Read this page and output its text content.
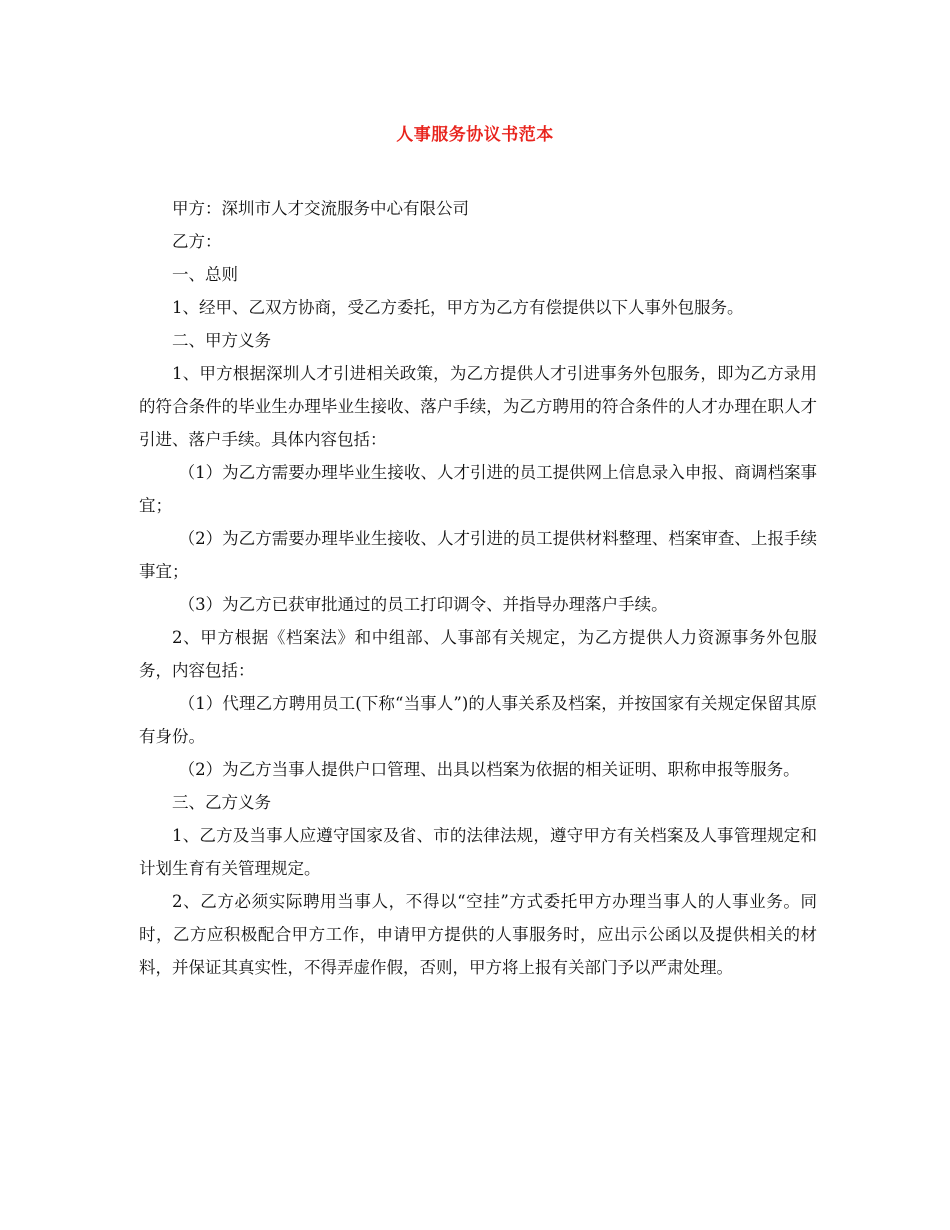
人事服务协议书范本

甲方：深圳市人才交流服务中心有限公司

乙方：

一、总则

1、经甲、乙双方协商，受乙方委托，甲方为乙方有偿提供以下人事外包服务。

二、甲方义务

1、甲方根据深圳人才引进相关政策，为乙方提供人才引进事务外包服务，即为乙方录用的符合条件的毕业生办理毕业生接收、落户手续，为乙方聘用的符合条件的人才办理在职人才引进、落户手续。具体内容包括：

（1）为乙方需要办理毕业生接收、人才引进的员工提供网上信息录入申报、商调档案事宜；

（2）为乙方需要办理毕业生接收、人才引进的员工提供材料整理、档案审查、上报手续事宜；

（3）为乙方已获审批通过的员工打印调令、并指导办理落户手续。

2、甲方根据《档案法》和中组部、人事部有关规定，为乙方提供人力资源事务外包服务，内容包括：

（1）代理乙方聘用员工(下称“当事人”)的人事关系及档案，并按国家有关规定保留其原有身份。

（2）为乙方当事人提供户口管理、出具以档案为依据的相关证明、职称申报等服务。

三、乙方义务

1、乙方及当事人应遵守国家及省、市的法律法规，遵守甲方有关档案及人事管理规定和计划生育有关管理规定。

2、乙方必须实际聘用当事人，不得以“空挂”方式委托甲方办理当事人的人事业务。同时，乙方应积极配合甲方工作，申请甲方提供的人事服务时，应出示公函以及提供相关的材料，并保证其真实性，不得弄虚作假，否则，甲方将上报有关部门予以严肃处理。
